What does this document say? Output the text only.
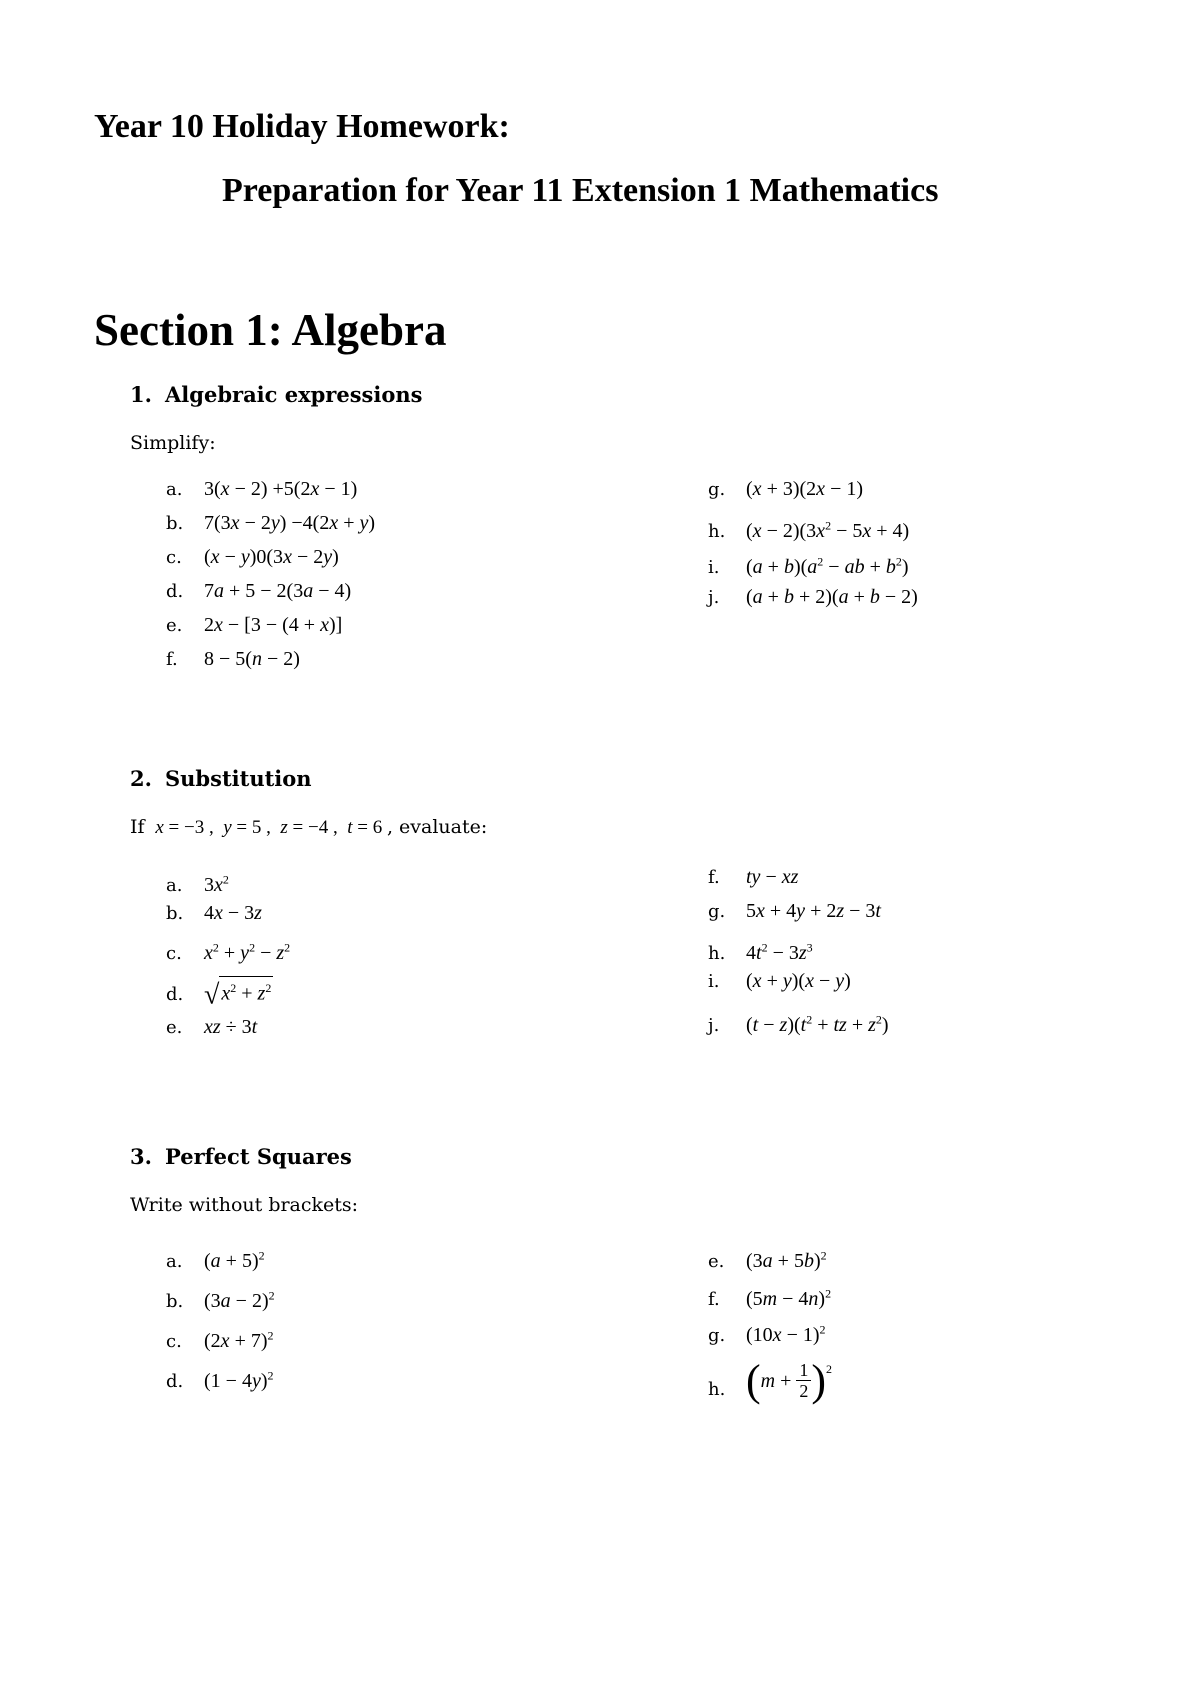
Year 10 Holiday Homework:
Preparation for Year 11 Extension 1 Mathematics
Section 1: Algebra
1. Algebraic expressions
Simplify:
a. 3(x − 2) +5(2x − 1)
b. 7(3x − 2y) −4(2x + y)
c. (x − y)0(3x − 2y)
d. 7a + 5 − 2(3a − 4)
e. 2x − [3 − (4 + x)]
f. 8 − 5(n − 2)
g. (x + 3)(2x − 1)
h. $(x - 2)(3x^2 - 5x + 4)$
i. $(a + b)(a^2$ − ab + $b^2$)
j. (a + b + 2)(a + b − 2)
2. Substitution
If x = −3 ,  y = 5 ,  z = −4 ,  t = 6 , evaluate:
a. $3x^2$
b. 4x − 3z
c. $x^2 + y^2 - z^2$
d. √ $x^2 + z^2$
e. xz ÷ 3t
f. ty − xz
g. 5x + 4y + 2z − 3t
h. $4t^2 - 3z^3$
i. (x + y)(x − y)
j. $(t - z)(t^2$ + tz + $z^2$)
3. Perfect Squares
Write without brackets:
a. $(a + 5)^2$
b. $(3a - 2)^2$
c. $(2x + 7)^2$
d. $(1 - 4y)^2$
e. $(3a + 5b)^2$
f. $(5m - 4n)^2$
g. $(10x - 1)^2$
h. ( $m + \frac{1}{2} )^2$
